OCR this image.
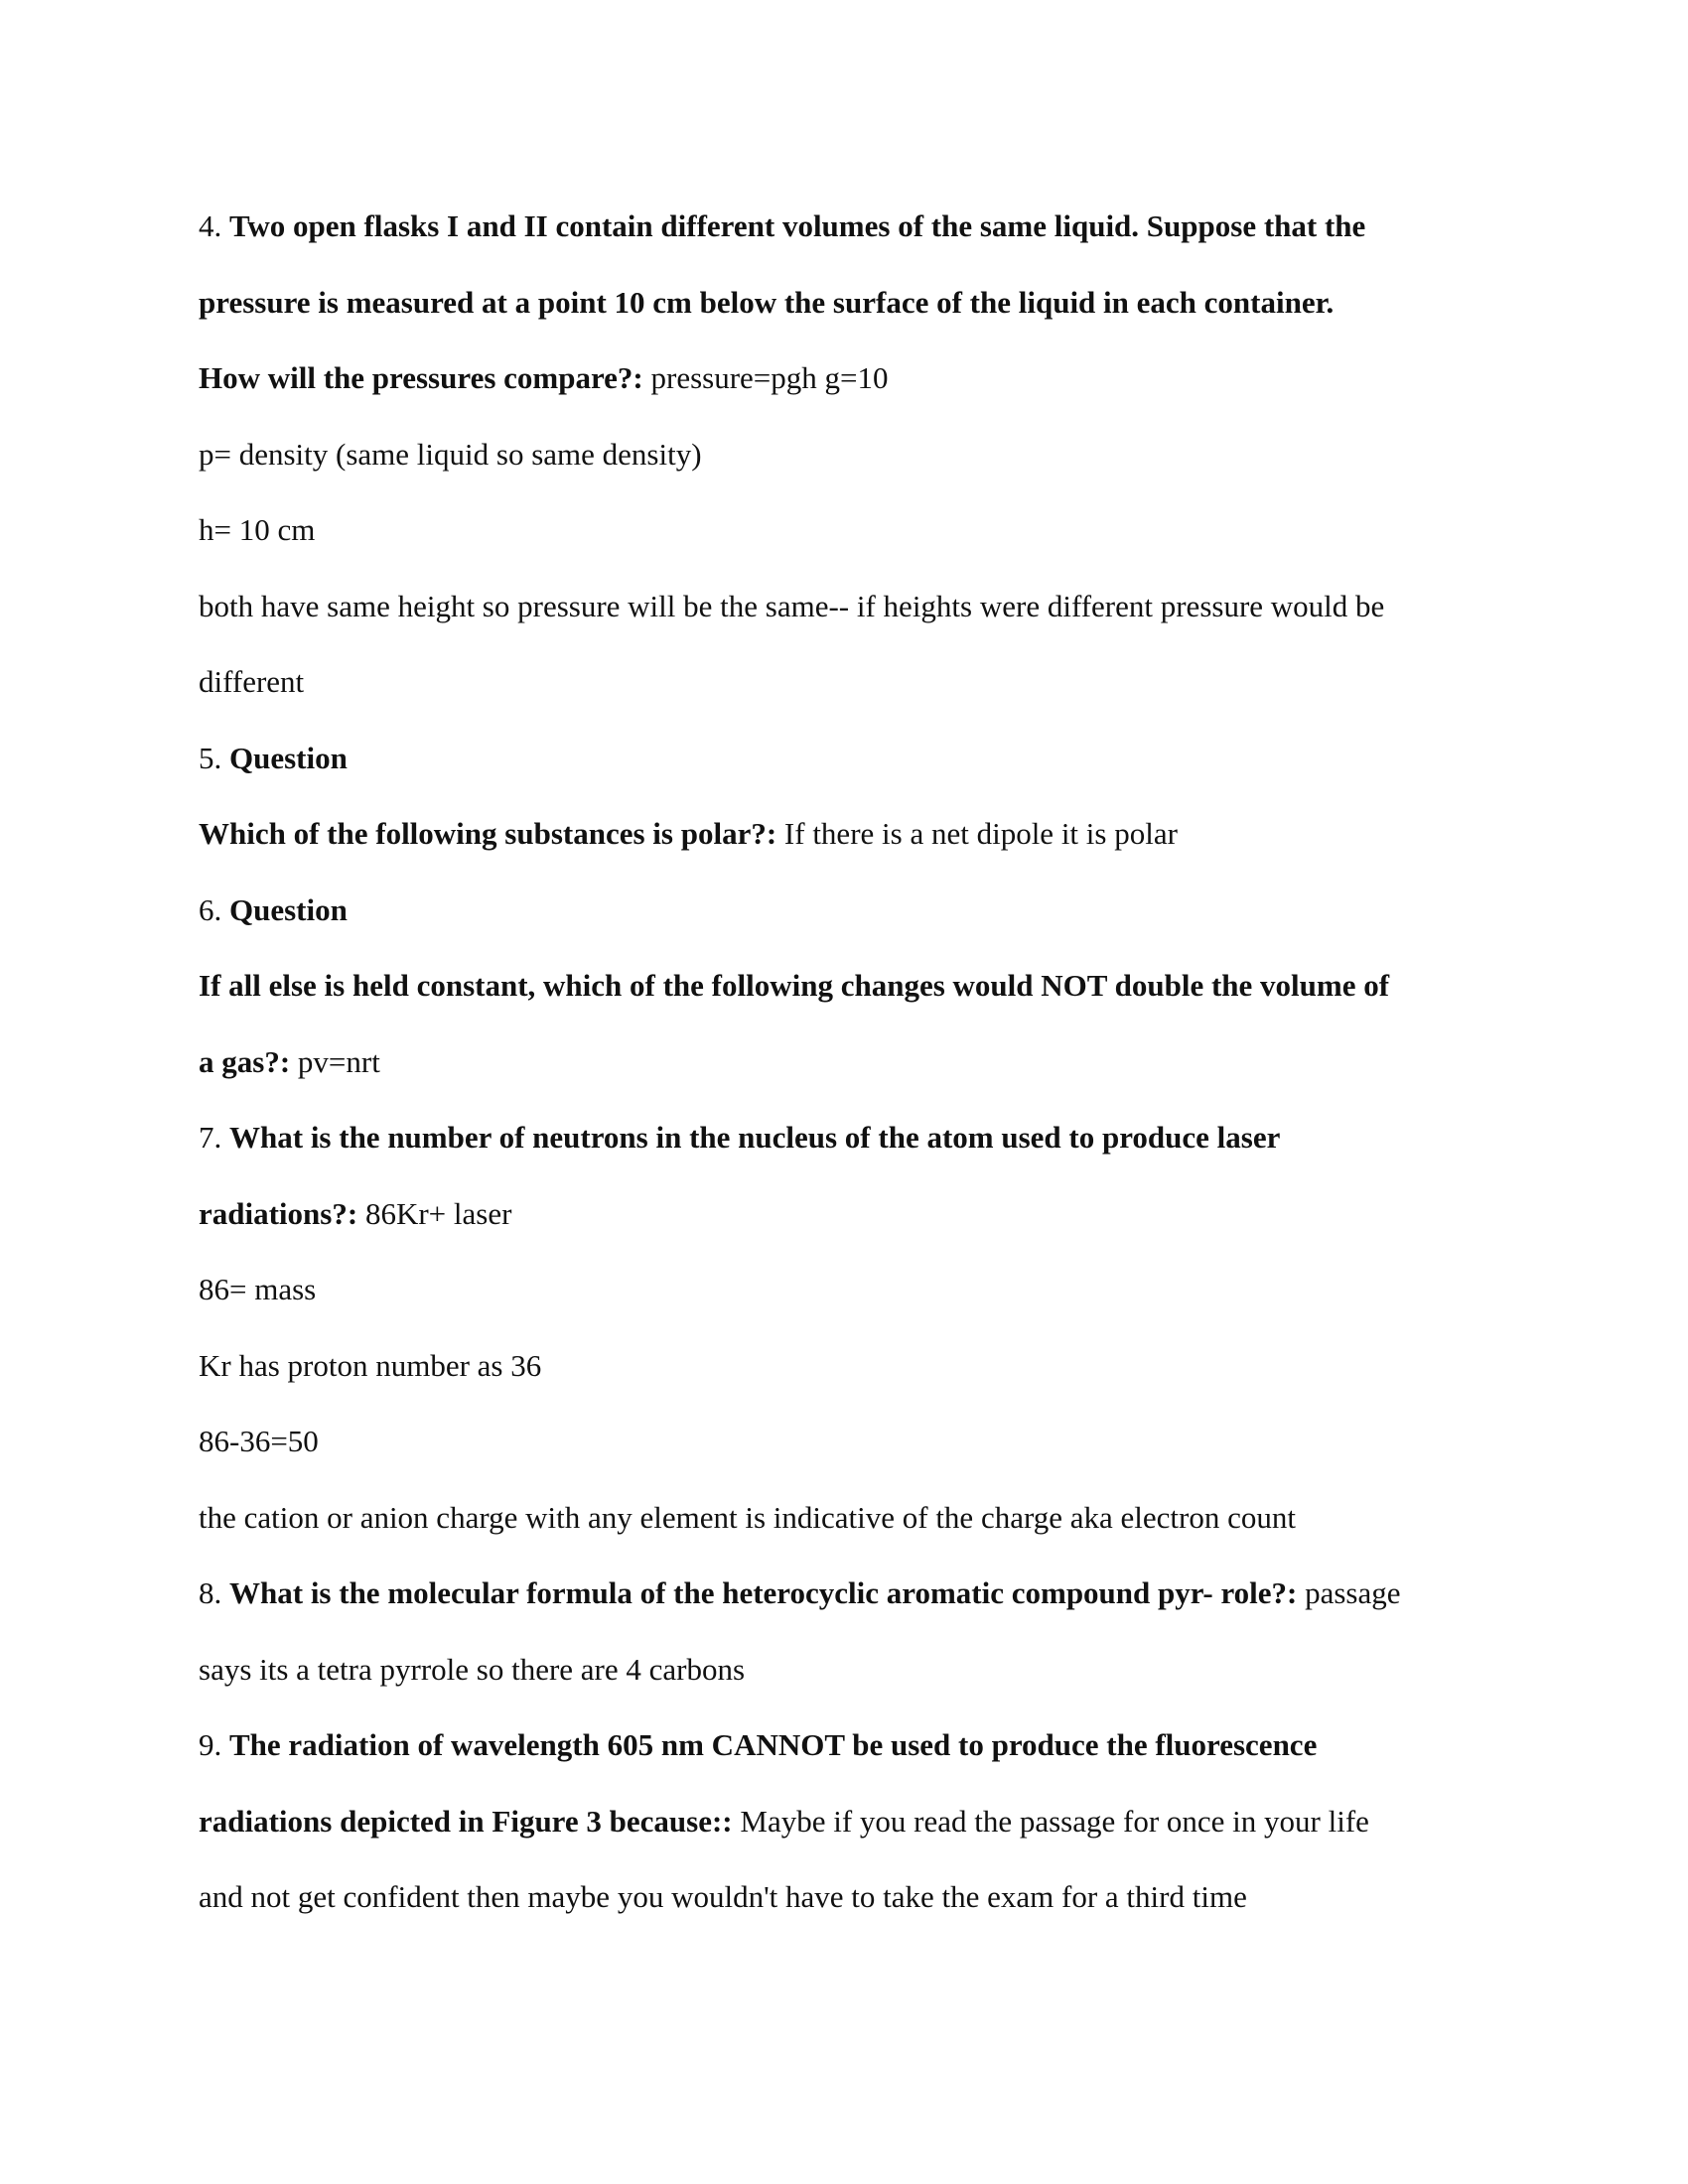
4. Two open flasks I and II contain different volumes of the same liquid. Suppose that the

pressure is measured at a point 10 cm below the surface of the liquid in each container.

How will the pressures compare?: pressure=pgh g=10

p= density (same liquid so same density)

h= 10 cm

both have same height so pressure will be the same-- if heights were different pressure would be

different

5. Question

Which of the following substances is polar?: If there is a net dipole it is polar

6. Question

If all else is held constant, which of the following changes would NOT double the volume of

a gas?: pv=nrt

7. What is the number of neutrons in the nucleus of the atom used to produce laser

radiations?: 86Kr+ laser

86= mass

Kr has proton number as 36

86-36=50

the cation or anion charge with any element is indicative of the charge aka electron count

8. What is the molecular formula of the heterocyclic aromatic compound pyr- role?: passage

says its a tetra pyrrole so there are 4 carbons

9. The radiation of wavelength 605 nm CANNOT be used to produce the fluorescence

radiations depicted in Figure 3 because:: Maybe if you read the passage for once in your life

and not get confident then maybe you wouldn't have to take the exam for a third time
